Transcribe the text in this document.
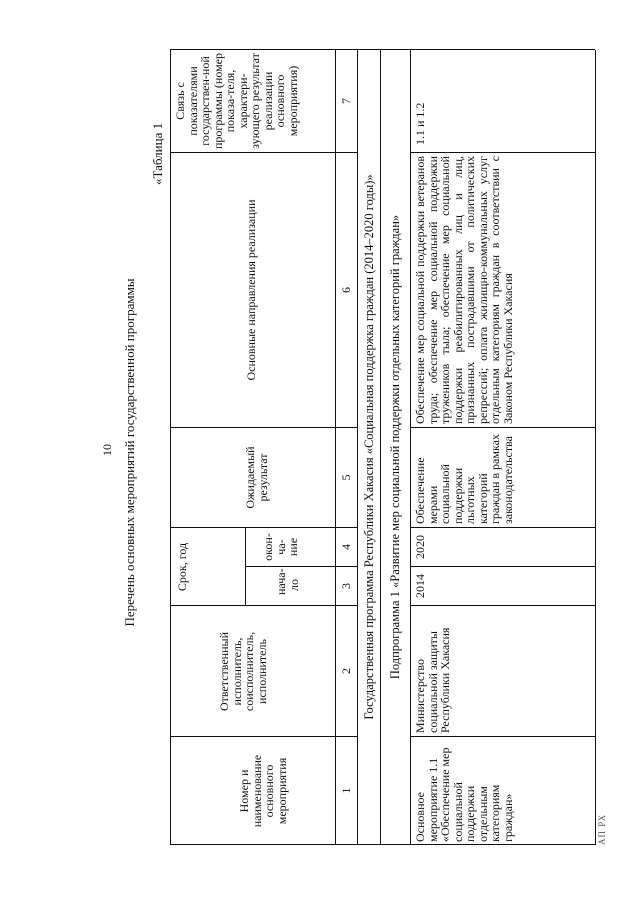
10
«Таблица 1
Перечень основных мероприятий государственной программы
Номер и наименование основного мероприятия
Ответственный исполнитель, соисполнитель, исполнитель
Срок, год	нача-ло
окон-ча-ние
Ожидаемый результат
Основные направления реализации
Связь с показателями государствен-ной программы (номер показа-теля, характери-зующего результат реализации основного мероприятия)
1
2
3
4
5
6
7
Государственная программа Республики Хакасия «Социальная поддержка граждан (2014–2020 годы)» Подпрограмма 1 «Развитие мер социальной поддержки отдельных категорий граждан»
Основное мероприятие 1.1 «Обеспечение мер социальной поддержки отдельным категориям граждан»
Министерство социальной защиты Республики Хакасия
2014
2020
Обеспечение мерами социальной поддержки льготных категорий граждан в рамках законодательства
Обеспечение мер социальной поддержки ветеранов труда; обеспечение мер социальной поддержки тружеников тыла; обеспечение мер социальной поддержки реабилитированных лиц и лиц, признанных пострадавшими от политических репрессий; оплата жилищно-коммунальных услуг отдельным категориям граждан в соответствии с Законом Республики Хакасия
1.1 и 1.2
АП РХ
